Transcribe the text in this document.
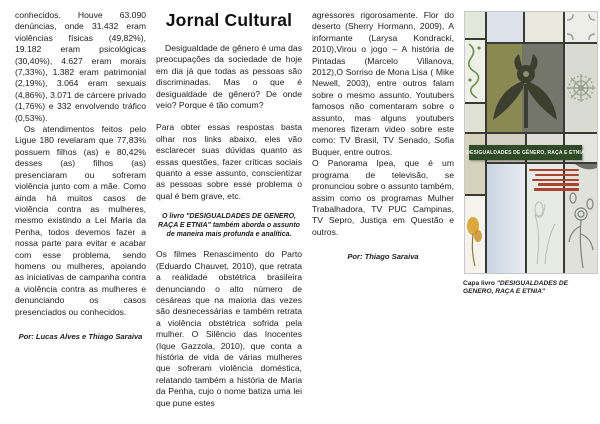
conhecidos. Houve 63.090 denúncias, onde 31.432 eram violências físicas (49,82%), 19.182 eram psicológicas (30,40%), 4.627 eram morais (7,33%), 1.382 eram patrimonial (2,19%), 3.064 eram sexuais (4,86%), 3.071 de cárcere privado (1,76%) e 332 envolvendo tráfico (0,53%).

Os atendimentos feitos pelo Ligue 180 revelaram que 77,83% possuem filhos (as) e 80,42% desses (as) filhos (as) presenciaram ou sofreram violência junto com a mãe. Como ainda há muitos casos de violência contra as mulheres, mesmo existindo a Lei Maria da Penha, todos devemos fazer a nossa parte para evitar e acabar com esse problema, sendo homens ou mulheres, apoiando as iniciativas de campanha contra a violência contra as mulheres e denunciando os casos presenciados ou conhecidos.

Por: Lucas Alves e Thiago Saraiva
Jornal Cultural

Desigualdade de gênero é uma das preocupações da sociedade de hoje em dia já que todas as pessoas são discriminadas. Mas o que é desigualdade de gênero? De onde veio? Porque é tão comum?

Para obter essas respostas basta olhar nos links abaixo, eles vão esclarecer suas dúvidas quanto as essas questões, fazer críticas sociais quanto a esse assunto, conscientizar as pessoas sobre esse problema o qual é bem grave, etc.

O livro "DESIGUALDADES DE GENERO, RAÇA E ETNIA" também aborda o assunto de maneira mais profunda e analítica.

Os filmes Renascimento do Parto (Eduardo Chauvet, 2010), que retrata a realidade obstétrica brasileira denunciando o alto número de cesáreas que na maioria das vezes são desnecessárias e também retrata a violência obstétrica sofrida pela mulher. O Silêncio das Inocentes (Ique Gazzola, 2010), que conta a história de vida de várias mulheres que sofreram violência doméstica, relatando também a história de Maria da Penha, cujo o nome batiza uma lei que pune estes

agressores rigorosamente. Flor do deserto (Sherry Hormann, 2009), A informante (Larysa Kondracki, 2010),Virou o jogo – A história de Pintadas (Marcelo Villanova, 2012),O Sorriso de Mona Lisa ( Mike Newell, 2003), entre outros falam sobre o mesmo assunto. Youtubers famosos não comentaram sobre o assunto, mas alguns youtubers menores fizeram video sobre este como: TV Brasil, TV Senado, Sofia Buquer, entre outros.

O Panorama Ipea, que é um programa de televisão, se pronunciou sobre o assunto também, assim como os programas Mulher Trabalhadora, TV PUC Campinas, TV Sepro, Justiça em Questão e outros.

Por: Thiago Saraiva
DESIGUALDADES DE GÊNERO, RAÇA E ETNIA
Capa livro "DESIGUALDADES DE GENERO, RAÇA E ETNIA"
